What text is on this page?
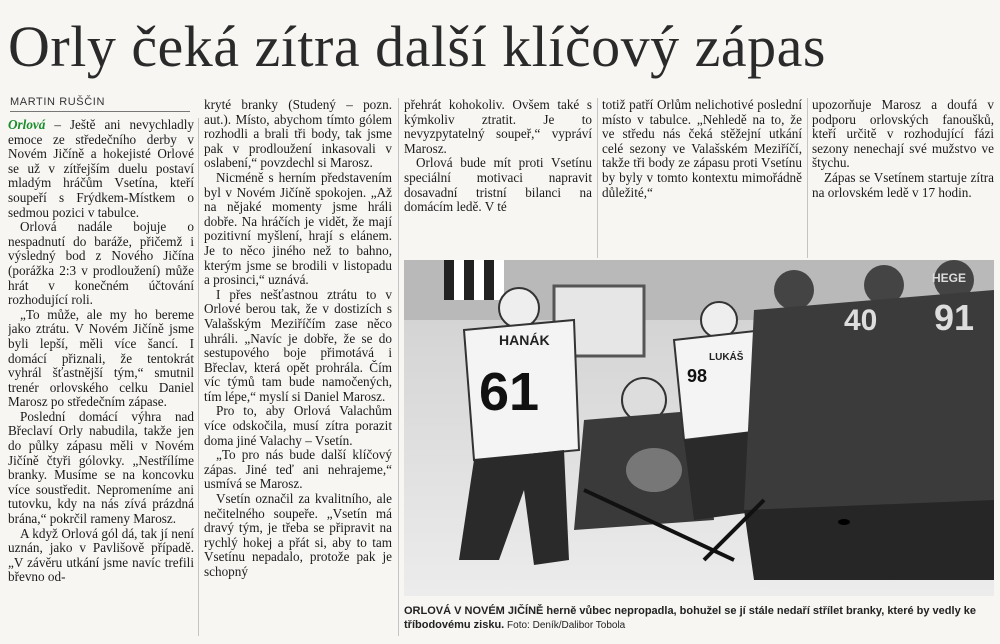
Orly čeká zítra další klíčový zápas
MARTIN RUŠČIN

Orlová – Ještě ani nevychladly emoce ze středečního derby v Novém Jičíně a hokejisté Orlové se už v zítřejším duelu postaví mladým hráčům Vsetína, kteří soupeří s Frýdkem-Místkem o sedmou pozici v tabulce.

Orlová nadále bojuje o nespadnutí do baráže, přičemž i výsledný bod z Nového Jičína (porážka 2:3 v prodloužení) může hrát v konečném účtování rozhodující roli.

„To může, ale my ho bereme jako ztrátu. V Novém Jičíně jsme byli lepší, měli více šancí. I domácí přiznali, že tentokrát vyhrál šťastnější tým,“ smutnil trenér orlovského celku Daniel Marosz po středečním zápase.

Poslední domácí výhra nad Břeclaví Orly nabudila, takže jen do půlky zápasu měli v Novém Jičíně čtyři gólovky. „Nestřílíme branky. Musíme se na koncovku více soustředit. Nepromeníme ani tutovku, kdy na nás zívá prázdná brána,“ pokrčil rameny Marosz.

A když Orlová gól dá, tak jí není uznán, jako v Pavlišově případě. „V závěru utkání jsme navíc trefili břevno od-

kryté branky (Studený – pozn. aut.). Místo, abychom tímto gólem rozhodli a brali tři body, tak jsme pak v prodloužení inkasovali v oslabení,“ povzdechl si Marosz.

Nicméně s herním představením byl v Novém Jičíně spokojen. „Až na nějaké momenty jsme hráli dobře. Na hráčích je vidět, že mají pozitivní myšlení, hrají s elánem. Je to něco jiného než to bahno, kterým jsme se brodili v listopadu a prosinci,“ uznává.

I přes nešťastnou ztrátu to v Orlové berou tak, že v dostizích s Valašským Meziříčím zase něco uhráli. „Navíc je dobře, že se do sestupového boje přimotává i Břeclav, která opět prohrála. Čím víc týmů tam bude namočených, tím lépe,“ myslí si Daniel Marosz.

Pro to, aby Orlová Valachům více odskočila, musí zítra porazit doma jiné Valachy – Vsetín.

„To pro nás bude další klíčový zápas. Jiné teď ani nehrajeme,“ usmívá se Marosz.

Vsetín označil za kvalitního, ale nečitelného soupeře. „Vsetín má dravý tým, je třeba se připravit na rychlý hokej a přát si, aby to tam Vsetínu nepadalo, protože pak je schopný

přehrát kohokoliv. Ovšem také s kýmkoliv ztratit. Je to nevyzpytatelný soupeř,“ vypráví Marosz.

Orlová bude mít proti Vsetínu speciální motivaci napravit dosavadní tristní bilanci na domácím ledě. V té

totiž patří Orlům nelichotivé poslední místo v tabulce. „Nehledě na to, že ve středu nás čeká stěžejní utkání celé sezony ve Valašském Meziříčí, takže tři body ze zápasu proti Vsetínu by byly v tomto kontextu mimořádně důležité,“

upozorňuje Marosz a doufá v podporu orlovských fanoušků, kteří určitě v rozhodující fázi sezony nenechají své mužstvo ve štychu.

Zápas se Vsetínem startuje zítra na orlovském ledě v 17 hodin.

HANÁK
61	98
LUKÁŠ
40 91
HEGE
ORLOVÁ V NOVÉM JIČÍNĚ herně vůbec nepropadla, bohužel se jí stále nedaří střílet branky, které by vedly ke tříbodovému zisku. Foto: Deník/Dalibor Tobola
